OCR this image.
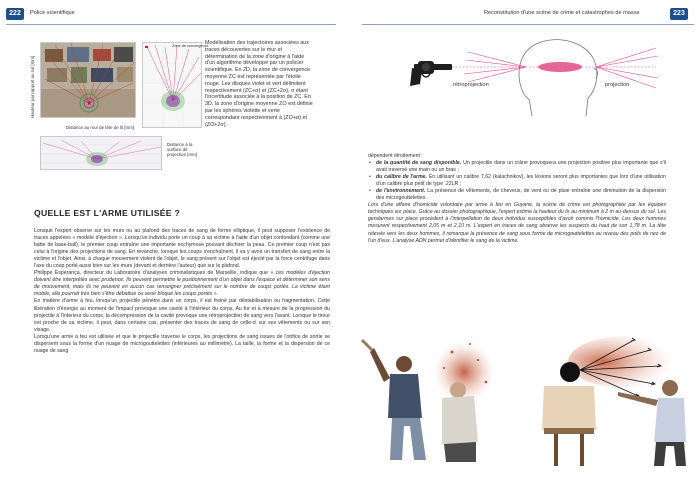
222	Police scientifique
★
Hauteur par rapport au sol [mm]
Distance au mur de tête de lit [mm]
Zone de convergence
Distance à la surface de projection [mm]
Modélisation des trajectoires associées aux traces découvertes sur le mur et détermination de la zone d'origine à l'aide d'un algorithme développé par un policier scientifique. En 2D, la zone de convergence moyenne ZC est représentée par l'étoile rouge. Les disques violet et vert délimitent respectivement (ZC+σ) et (ZC+2σ), σ étant l'incertitude associée à la position de ZC. En 3D, la zone d'origine moyenne ZO est définie par les sphères violette et verte correspondant respectivement à (ZO+σ) et (ZO+2σ).
QUELLE EST L'ARME UTILISÉE ?

Lorsque l'expert observe sur les murs ou au plafond des traces de sang de forme elliptique, il peut supposer l'existence de traces appelées « modèle d'éjection ». Lorsqu'un individu porte un coup à sa victime à l'aide d'un objet contondant (comme une batte de base-ball), le premier coup entraîne une importante ecchymose pouvant déchirer la peau. Ce premier coup n'est pas celui à l'origine des projections de sang. En revanche, lorsque les coups s'enchaînent, il va y avoir un transfert de sang entre la victime et l'objet. Ainsi, à chaque mouvement violent de l'objet, le sang présent sur l'objet est éjecté par la force centrifuge dans l'axe du coup porté aussi bien sur les murs (devant et derrière l'auteur) que sur le plafond.

Philippe Esperança, directeur du Laboratoire d'analyses criminalistiques de Marseille, indique que « ces modèles d'éjection doivent être interprétés avec prudence. Ils peuvent permettre le positionnement d'un objet dans l'espace et déterminer son sens de mouvement, mais ils ne peuvent en aucun cas renseigner précisément sur le nombre de coups portés. La victime étant mobile, elle pourrait très bien s'être débattue ou avoir bloqué les coups portés ».

En matière d'arme à feu, lorsqu'un projectile pénètre dans un corps, il est freiné par déstabilisation ou fragmentation. Cette libération d'énergie au moment de l'impact provoque une cavité à l'intérieur du corps. Au fur et à mesure de la progression du projectile à l'intérieur du corps, la décompression de la cavité provoque une rétroprojection de sang vers l'avant. Lorsque le tireur est proche de sa victime, il peut, dans certains cas, présenter des traces de sang de celle-ci sur ses vêtements ou sur son visage.

Lorsqu'une arme à feu est utilisée et que le projectile traverse le corps, les projections de sang issues de l'orifice de sortie se dispersent sous la forme d'un nuage de microgouttelettes (inférieures au millimètre). La taille, la forme et la dispersion de ce nuage de sang

Reconstitution d'une scène de crime et catastrophes de masse	223
rétroprojection	projection

dépendent étroitement :

• de la quantité de sang disponible. Un projectile dans un crâne provoquera une projection positive plus importante que s'il avait traversé une main ou un bras ;

• du calibre de l'arme. En utilisant un calibre 7,62 (kalachnikov), les lésions seront plus importantes que lors d'une utilisation d'un calibre plus petit de type .22LR ;

• de l'environnement. La présence de vêtements, de cheveux, de vent ou de pluie entraîne une diminution de la dispersion des microgouttelettes.

Lors d'une affaire d'homicide volontaire par arme à feu en Guyane, la scène de crime est photographiée par les équipes techniques sur place. Grâce au dossier photographique, l'expert estime la hauteur du tir au minimum à 2 m au-dessus du sol. Les gendarmes sur place procèdent à l'interpellation de deux individus susceptibles d'avoir commis l'homicide. Les deux hommes mesurent respectivement 2,05 m et 2,10 m. L'expert en traces de sang observe les suspects du haut de son 1,78 m. La tête relevée vers les deux hommes, il remarque la présence de sang sous forme de microgouttelettes au niveau des poils de nez de l'un d'eux. L'analyse ADN permet d'identifier le sang de la victime.
